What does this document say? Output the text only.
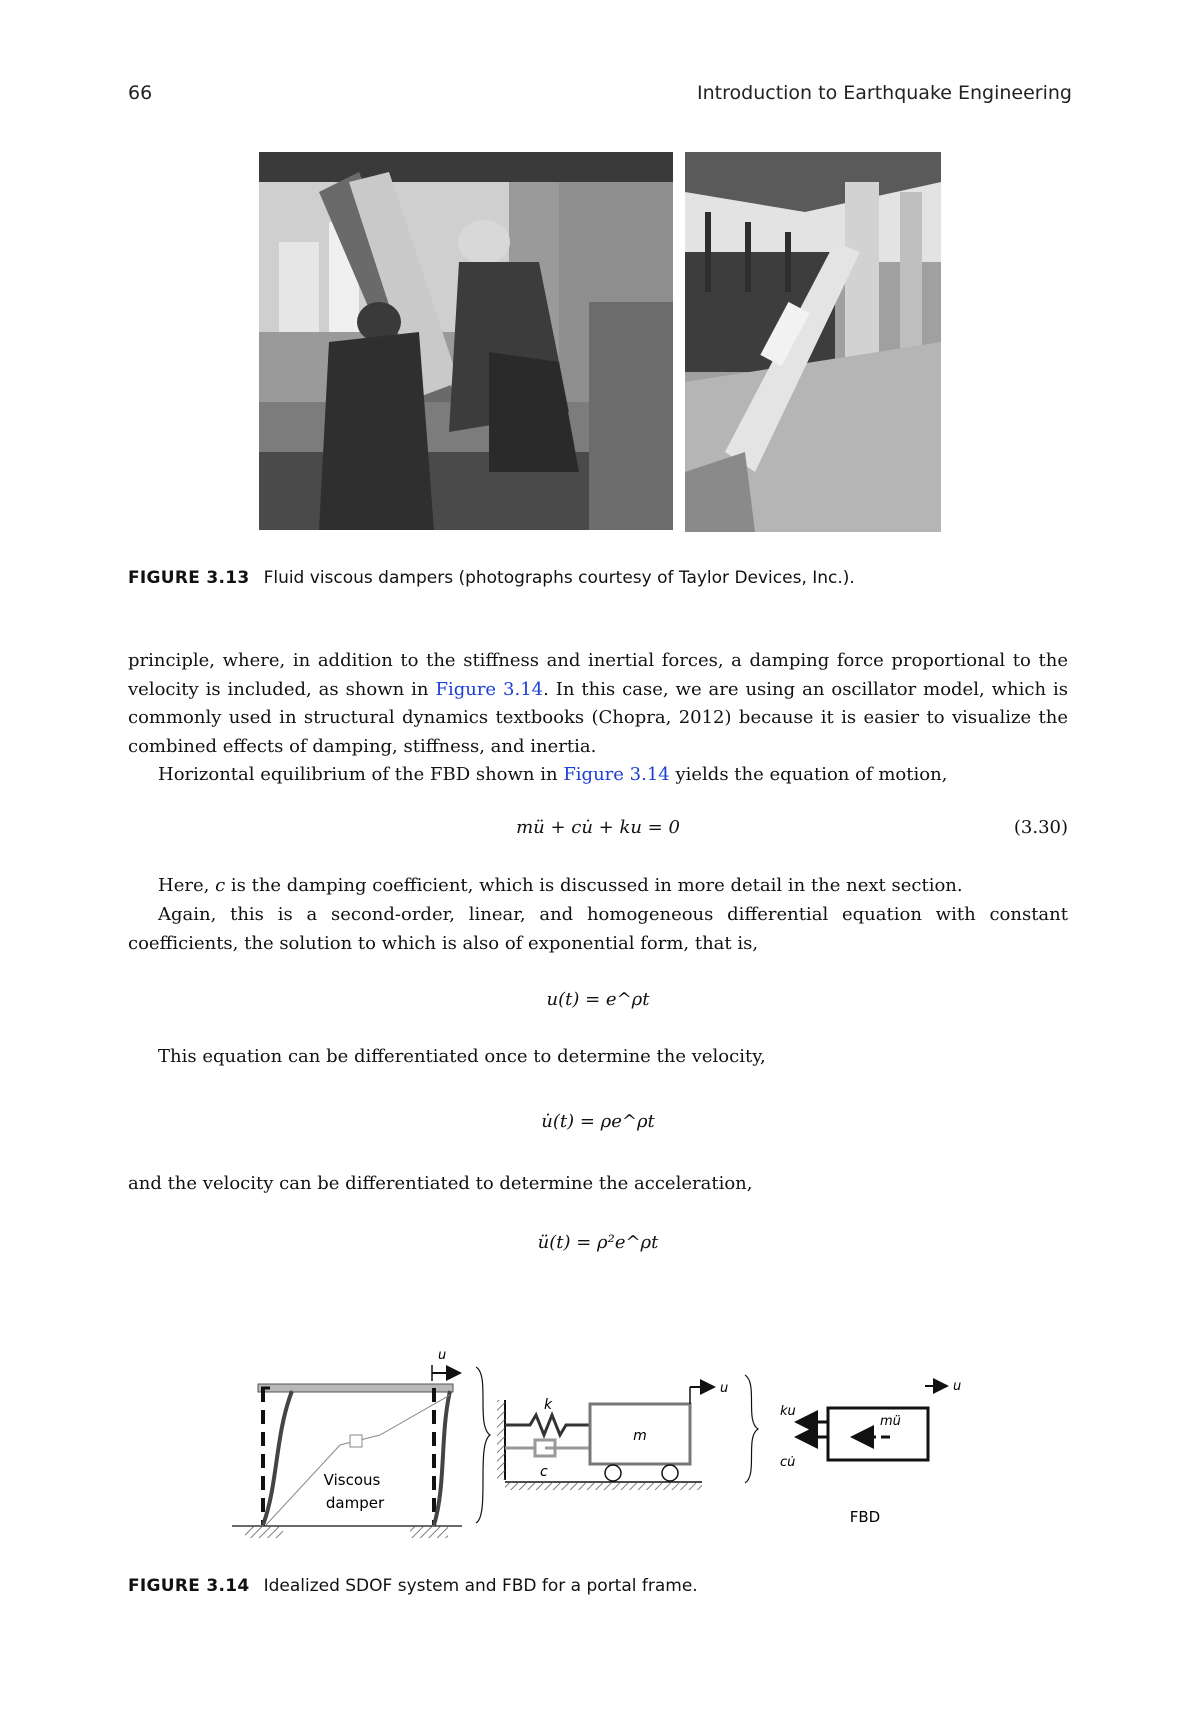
66	Introduction to Earthquake Engineering
FIGURE 3.13 Fluid viscous dampers (photographs courtesy of Taylor Devices, Inc.).

principle, where, in addition to the stiffness and inertial forces, a damping force proportional to the velocity is included, as shown in Figure 3.14. In this case, we are using an oscillator model, which is commonly used in structural dynamics textbooks (Chopra, 2012) because it is easier to visualize the combined effects of damping, stiffness, and inertia.

Horizontal equilibrium of the FBD shown in Figure 3.14 yields the equation of motion,

mü + cu̇ + ku = 0	(3.30)

Here, c is the damping coefficient, which is discussed in more detail in the next section.

Again, this is a second-order, linear, and homogeneous differential equation with constant coefficients, the solution to which is also of exponential form, that is,

u(t) = e^ρt

This equation can be differentiated once to determine the velocity,

u̇(t) = ρe^ρt

and the velocity can be differentiated to determine the acceleration,

ü(t) = ρ²e^ρt
u
Viscous
damper
k
c
m
u
ku
cu̇
mü
u
FBD
FIGURE 3.14 Idealized SDOF system and FBD for a portal frame.
